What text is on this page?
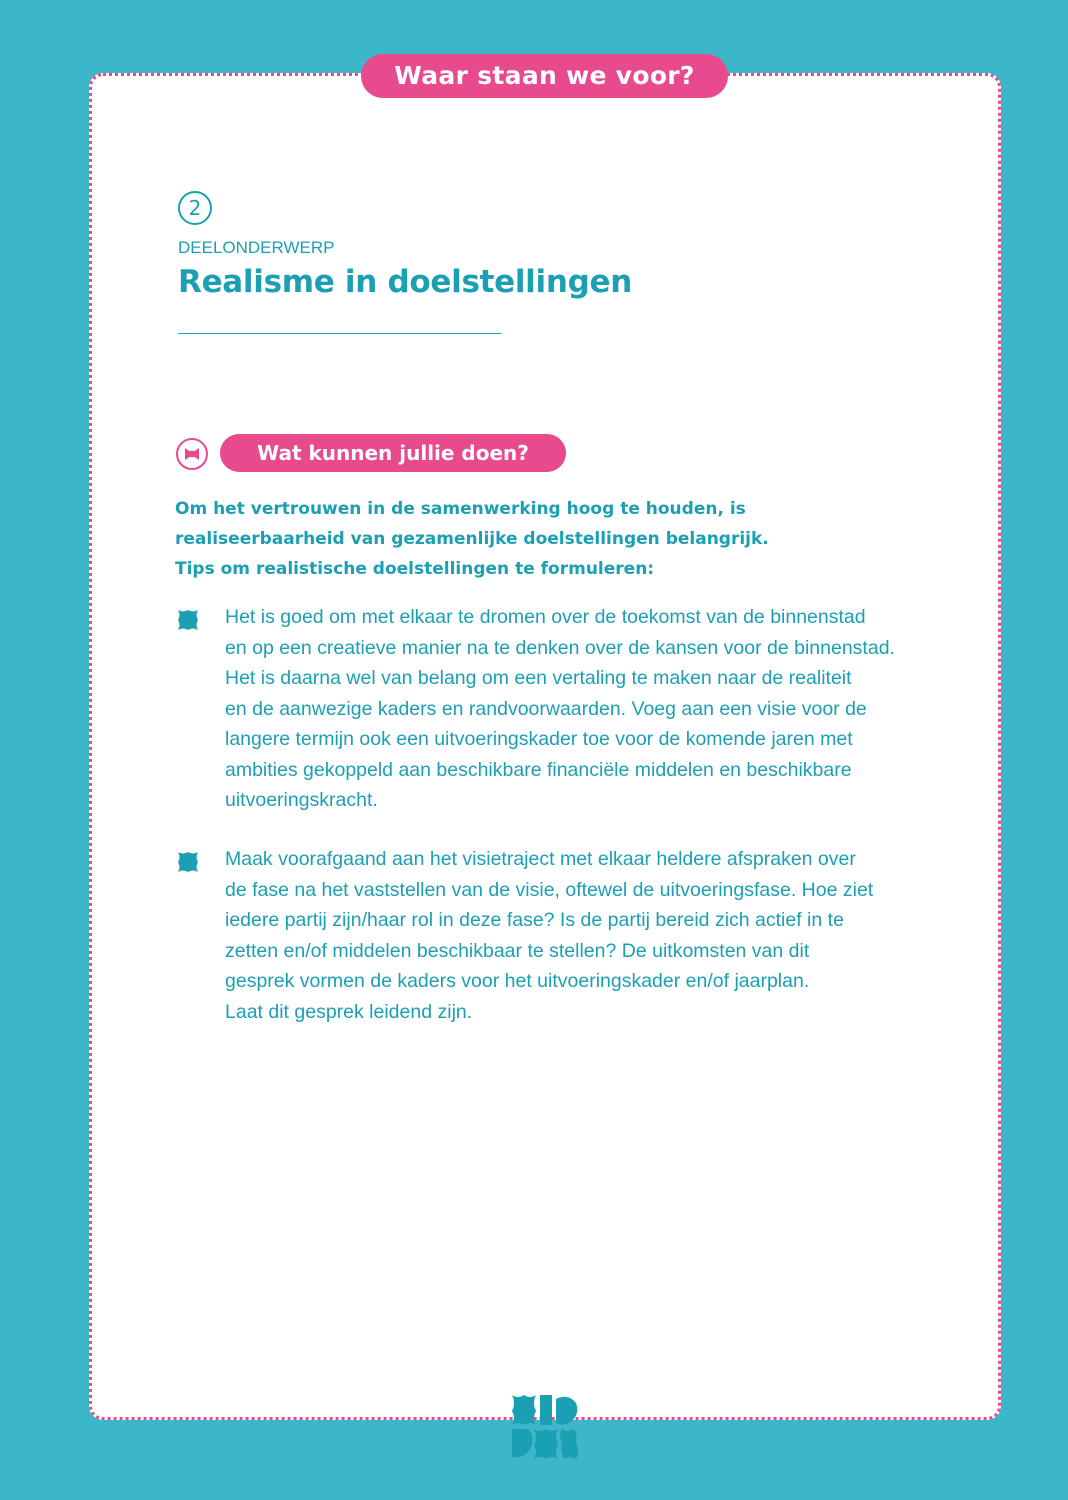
Waar staan we voor?
2
DEELONDERWERP
Realisme in doelstellingen
Wat kunnen jullie doen?
Om het vertrouwen in de samenwerking hoog te houden, is
realiseerbaarheid van gezamenlijke doelstellingen belangrijk.
Tips om realistische doelstellingen te formuleren:
Het is goed om met elkaar te dromen over de toekomst van de binnenstad
en op een creatieve manier na te denken over de kansen voor de binnenstad.
Het is daarna wel van belang om een vertaling te maken naar de realiteit
en de aanwezige kaders en randvoorwaarden. Voeg aan een visie voor de
langere termijn ook een uitvoeringskader toe voor de komende jaren met
ambities gekoppeld aan beschikbare financiële middelen en beschikbare
uitvoeringskracht.
Maak voorafgaand aan het visietraject met elkaar heldere afspraken over
de fase na het vaststellen van de visie, oftewel de uitvoeringsfase. Hoe ziet
iedere partij zijn/haar rol in deze fase? Is de partij bereid zich actief in te
zetten en/of middelen beschikbaar te stellen? De uitkomsten van dit
gesprek vormen de kaders voor het uitvoeringskader en/of jaarplan.
Laat dit gesprek leidend zijn.
